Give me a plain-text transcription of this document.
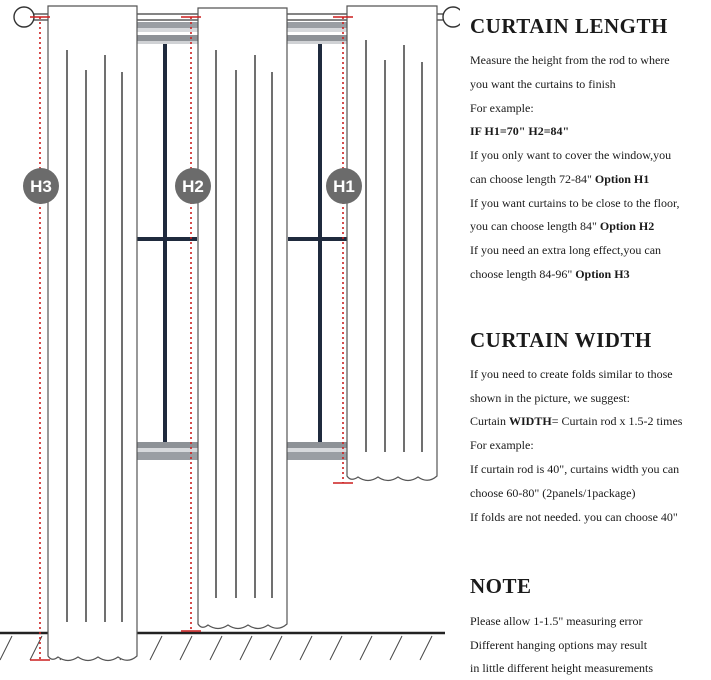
H3	H2	H1
CURTAIN LENGTH
Measure the height from the rod to where
you want the curtains to finish
For example:
IF H1=70" H2=84"
If you only want to cover the window,you
can choose length 72-84" Option H1
If you want curtains to be close to the floor,
you can choose length 84" Option H2
If you need an extra long effect,you can
choose length 84-96" Option H3
CURTAIN WIDTH
If you need to create folds similar to those
shown in the picture, we suggest:
Curtain WIDTH= Curtain rod x 1.5-2 times
For example:
If curtain rod is 40", curtains width you can
choose 60-80" (2panels/1package)
If folds are not needed. you can choose 40"
NOTE
Please allow 1-1.5" measuring error
Different hanging options may result
in little different height measurements
